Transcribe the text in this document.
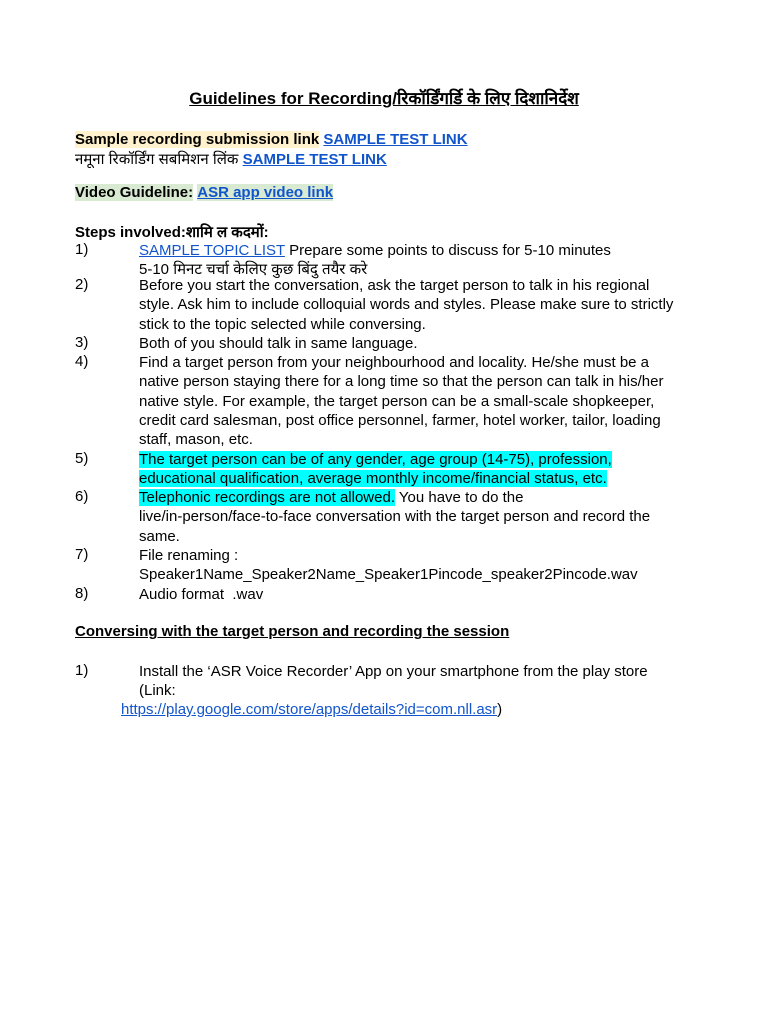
Guidelines for Recording/रिकॉर्डिंगर्डि के लिए दिशानिर्देश
Sample recording submission link SAMPLE TEST LINK
नमूना रिकॉर्डिंग सबमिशन लिंक SAMPLE TEST LINK
Video Guideline: ASR app video link
Steps involved:शामि ल कदमों:
1)	SAMPLE TOPIC LIST Prepare some points to discuss for 5-10 minutes
5-10 मिनट चर्चा केलिए कुछ बिंदु तयैर करे
2)	Before you start the conversation, ask the target person to talk in his regional
style. Ask him to include colloquial words and styles. Please make sure to strictly
stick to the topic selected while conversing.
3)	Both of you should talk in same language.
4)	Find a target person from your neighbourhood and locality. He/she must be a
native person staying there for a long time so that the person can talk in his/her
native style. For example, the target person can be a small-scale shopkeeper,
credit card salesman, post office personnel, farmer, hotel worker, tailor, loading
staff, mason, etc.
5)	The target person can be of any gender, age group (14-75), profession,
educational qualification, average monthly income/financial status, etc.
6)	Telephonic recordings are not allowed. You have to do the
live/in-person/face-to-face conversation with the target person and record the
same.
7)	File renaming :
Speaker1Name_Speaker2Name_Speaker1Pincode_speaker2Pincode.wav
8)	Audio format  .wav
Conversing with the target person and recording the session
1)	Install the ‘ASR Voice Recorder’ App on your smartphone from the play store
(Link:
https://play.google.com/store/apps/details?id=com.nll.asr)
